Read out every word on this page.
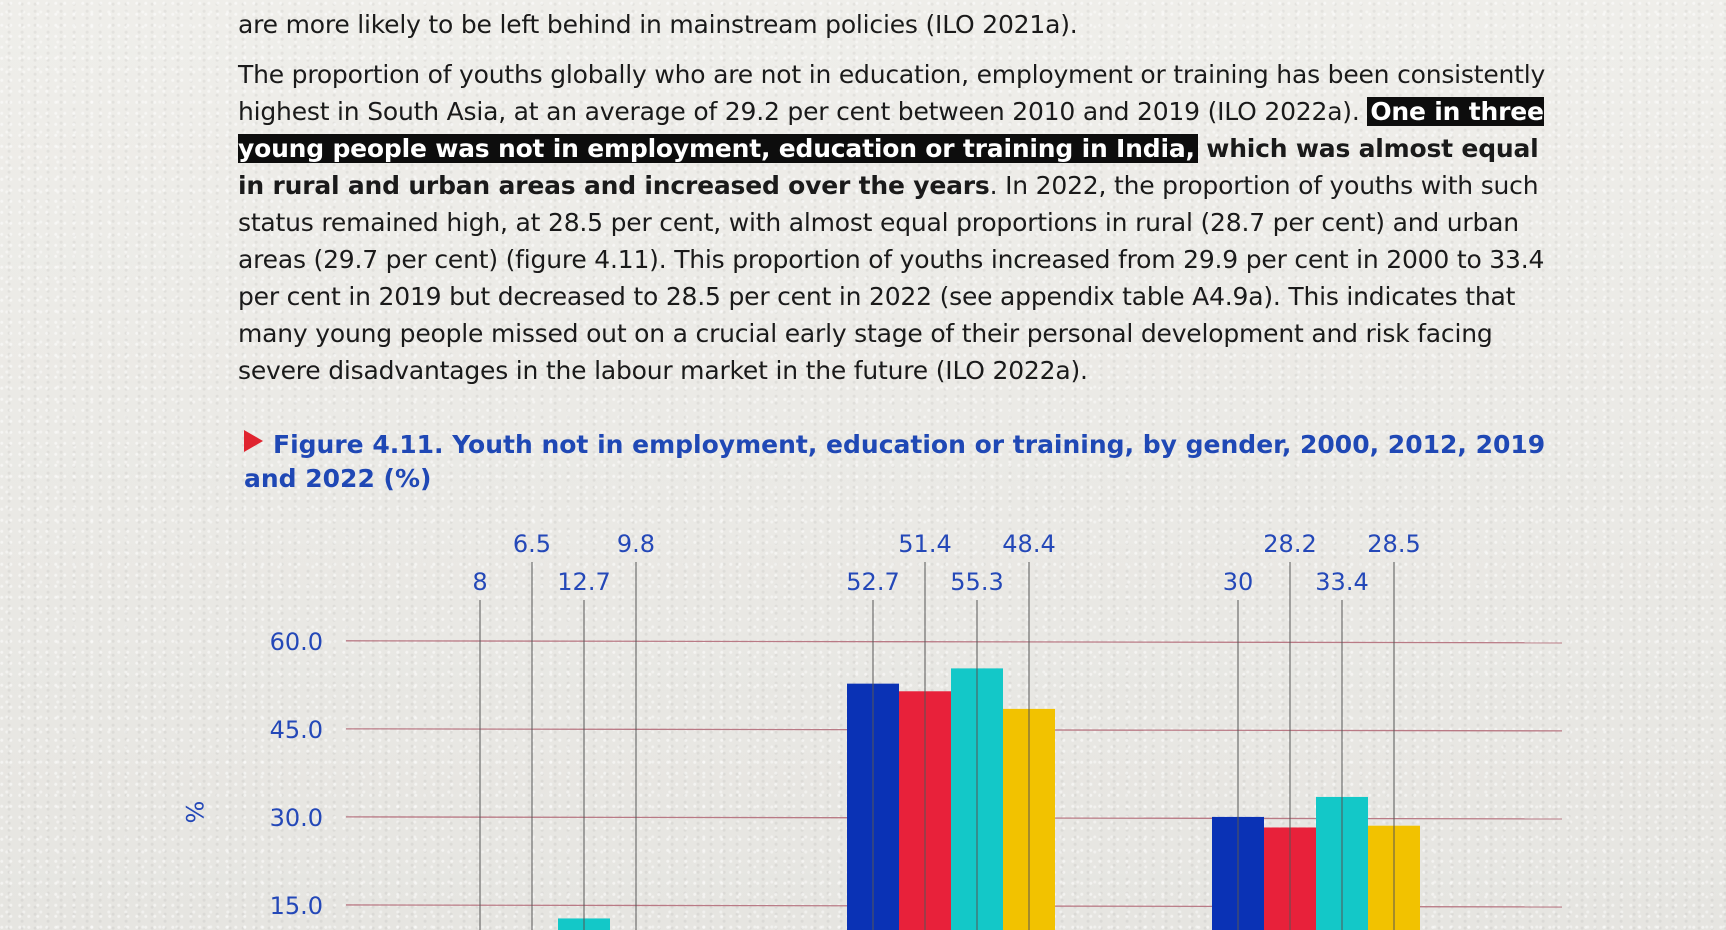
are more likely to be left behind in mainstream policies (ILO 2021a).

The proportion of youths globally who are not in education, employment or training has been consistently highest in South Asia, at an average of 29.2 per cent between 2010 and 2019 (ILO 2022a). One in three young people was not in employment, education or training in India, which was almost equal in rural and urban areas and increased over the years. In 2022, the proportion of youths with such status remained high, at 28.5 per cent, with almost equal proportions in rural (28.7 per cent) and urban areas (29.7 per cent) (figure 4.11). This proportion of youths increased from 29.9 per cent in 2000 to 33.4 per cent in 2019 but decreased to 28.5 per cent in 2022 (see appendix table A4.9a). This indicates that many young people missed out on a crucial early stage of their personal development and risk facing severe disadvantages in the labour market in the future (ILO 2022a).

Figure 4.11. Youth not in employment, education or training, by gender, 2000, 2012, 2019 and 2022 (%)
15.0
30.0
45.0
60.0
%
8
6.5
12.7
9.8
52.7
51.4
55.3
48.4
30
28.2
33.4
28.5
